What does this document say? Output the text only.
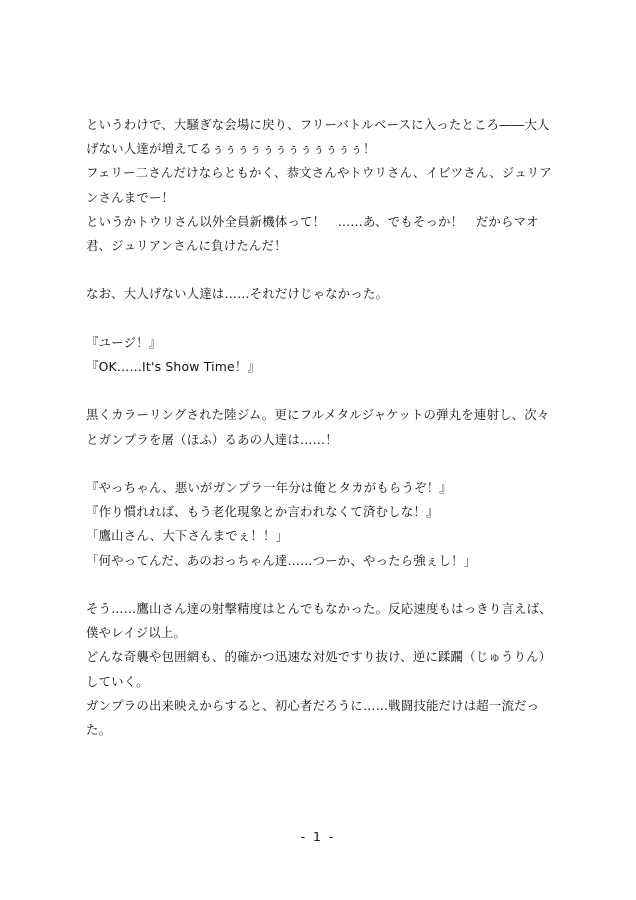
というわけで、大騒ぎな会場に戻り、フリーバトルベースに入ったところ――大人げない人達が増えてるぅぅぅぅぅぅぅぅぅぅぅぅ！

フェリー二さんだけならともかく、恭文さんやトウリさん、イビツさん、ジュリアンさんまでー！

というかトウリさん以外全員新機体って！　……あ、でもそっか！　だからマオ君、ジュリアンさんに負けたんだ！

なお、大人げない人達は……それだけじゃなかった。

『ユージ！』

『OK……It's Show Time！』

黒くカラーリングされた陸ジム。更にフルメタルジャケットの弾丸を連射し、次々とガンプラを屠（ほふ）るあの人達は……！

『やっちゃん、悪いがガンプラ一年分は俺とタカがもらうぞ！』

『作り慣れれば、もう老化現象とか言われなくて済むしな！』

「鷹山さん、大下さんまでぇ！！」

「何やってんだ、あのおっちゃん達……つーか、やったら強ぇし！」

そう……鷹山さん達の射撃精度はとんでもなかった。反応速度もはっきり言えば、僕やレイジ以上。

どんな奇襲や包囲網も、的確かつ迅速な対処ですり抜け、逆に蹂躙（じゅうりん）していく。

ガンプラの出来映えからすると、初心者だろうに……戦闘技能だけは超一流だった。

- 1 -
